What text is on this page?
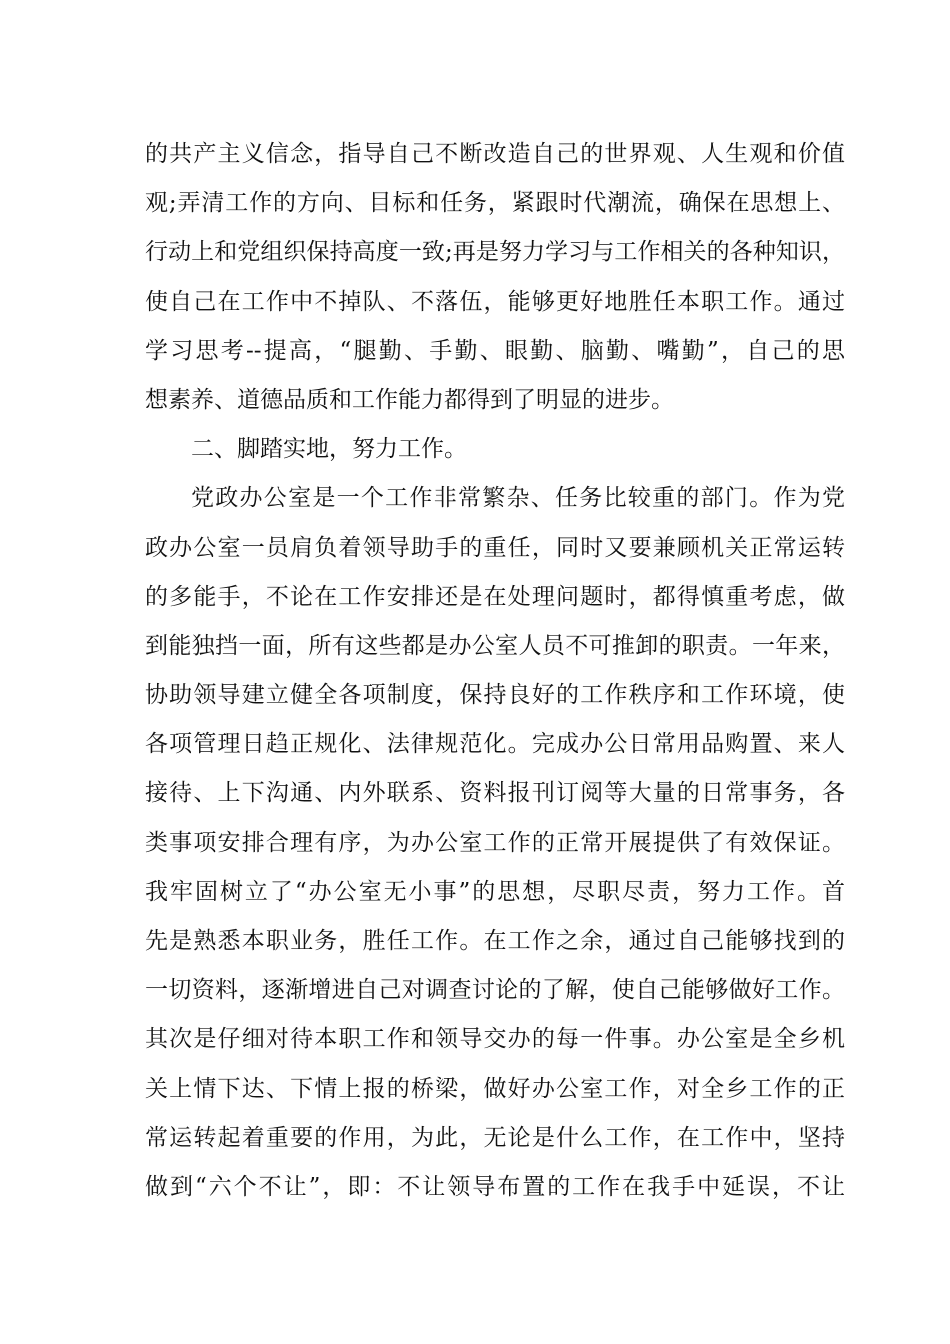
的共产主义信念，指导自己不断改造自己的世界观、人生观和价值
观;弄清工作的方向、目标和任务，紧跟时代潮流，确保在思想上、
行动上和党组织保持高度一致;再是努力学习与工作相关的各种知识，
使自己在工作中不掉队、不落伍，能够更好地胜任本职工作。通过
学习思考--提高，“腿勤、手勤、眼勤、脑勤、嘴勤”，自己的思
想素养、道德品质和工作能力都得到了明显的进步。
二、脚踏实地，努力工作。
党政办公室是一个工作非常繁杂、任务比较重的部门。作为党
政办公室一员肩负着领导助手的重任，同时又要兼顾机关正常运转
的多能手，不论在工作安排还是在处理问题时，都得慎重考虑，做
到能独挡一面，所有这些都是办公室人员不可推卸的职责。一年来，
协助领导建立健全各项制度，保持良好的工作秩序和工作环境，使
各项管理日趋正规化、法律规范化。完成办公日常用品购置、来人
接待、上下沟通、内外联系、资料报刊订阅等大量的日常事务，各
类事项安排合理有序，为办公室工作的正常开展提供了有效保证。
我牢固树立了“办公室无小事”的思想，尽职尽责，努力工作。首
先是熟悉本职业务，胜任工作。在工作之余，通过自己能够找到的
一切资料，逐渐增进自己对调查讨论的了解，使自己能够做好工作。
其次是仔细对待本职工作和领导交办的每一件事。办公室是全乡机
关上情下达、下情上报的桥梁，做好办公室工作，对全乡工作的正
常运转起着重要的作用，为此，无论是什么工作，在工作中，坚持
做到“六个不让”，即：不让领导布置的工作在我手中延误，不让
